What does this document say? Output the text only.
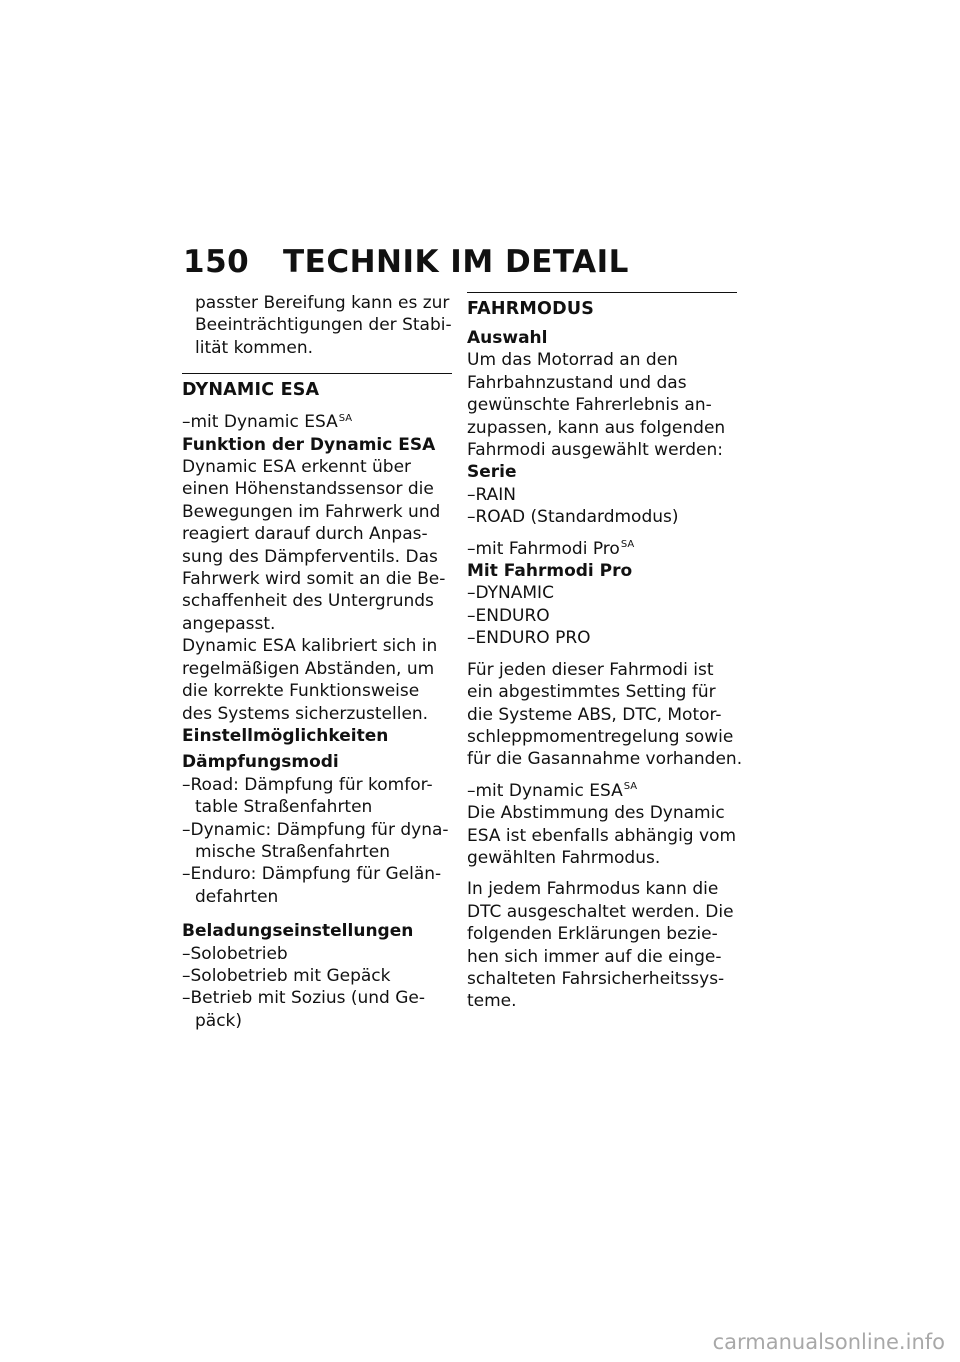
150 TECHNIK IM DETAIL

passter Bereifung kann es zur

Beeinträchtigungen der Stabi-

lität kommen.

DYNAMIC ESA

–mit Dynamic $ESA^{SA}$

Funktion der Dynamic ESA

Dynamic ESA erkennt über

einen Höhenstandssensor die

Bewegungen im Fahrwerk und

reagiert darauf durch Anpas-

sung des Dämpferventils. Das

Fahrwerk wird somit an die Be-

schaffenheit des Untergrunds

angepasst.

Dynamic ESA kalibriert sich in

regelmäßigen Abständen, um

die korrekte Funktionsweise

des Systems sicherzustellen.

Einstellmöglichkeiten

Dämpfungsmodi

–Road: Dämpfung für komfor-

table Straßenfahrten

–Dynamic: Dämpfung für dyna-

mische Straßenfahrten

–Enduro: Dämpfung für Gelän-

defahrten

Beladungseinstellungen

–Solobetrieb

–Solobetrieb mit Gepäck

–Betrieb mit Sozius (und Ge-

päck)

FAHRMODUS

Auswahl

Um das Motorrad an den

Fahrbahnzustand und das

gewünschte Fahrerlebnis an-

zupassen, kann aus folgenden

Fahrmodi ausgewählt werden:

Serie

–RAIN

–ROAD (Standardmodus)

–mit Fahrmodi Pro$^{SA}$

Mit Fahrmodi Pro

–DYNAMIC

–ENDURO

–ENDURO PRO

Für jeden dieser Fahrmodi ist

ein abgestimmtes Setting für

die Systeme ABS, DTC, Motor-

schleppmomentregelung sowie

für die Gasannahme vorhanden.

–mit Dynamic $ESA^{SA}$

Die Abstimmung des Dynamic

ESA ist ebenfalls abhängig vom

gewählten Fahrmodus.

In jedem Fahrmodus kann die

DTC ausgeschaltet werden. Die

folgenden Erklärungen bezie-

hen sich immer auf die einge-

schalteten Fahrsicherheitssys-

teme.

carmanualsonline.info
